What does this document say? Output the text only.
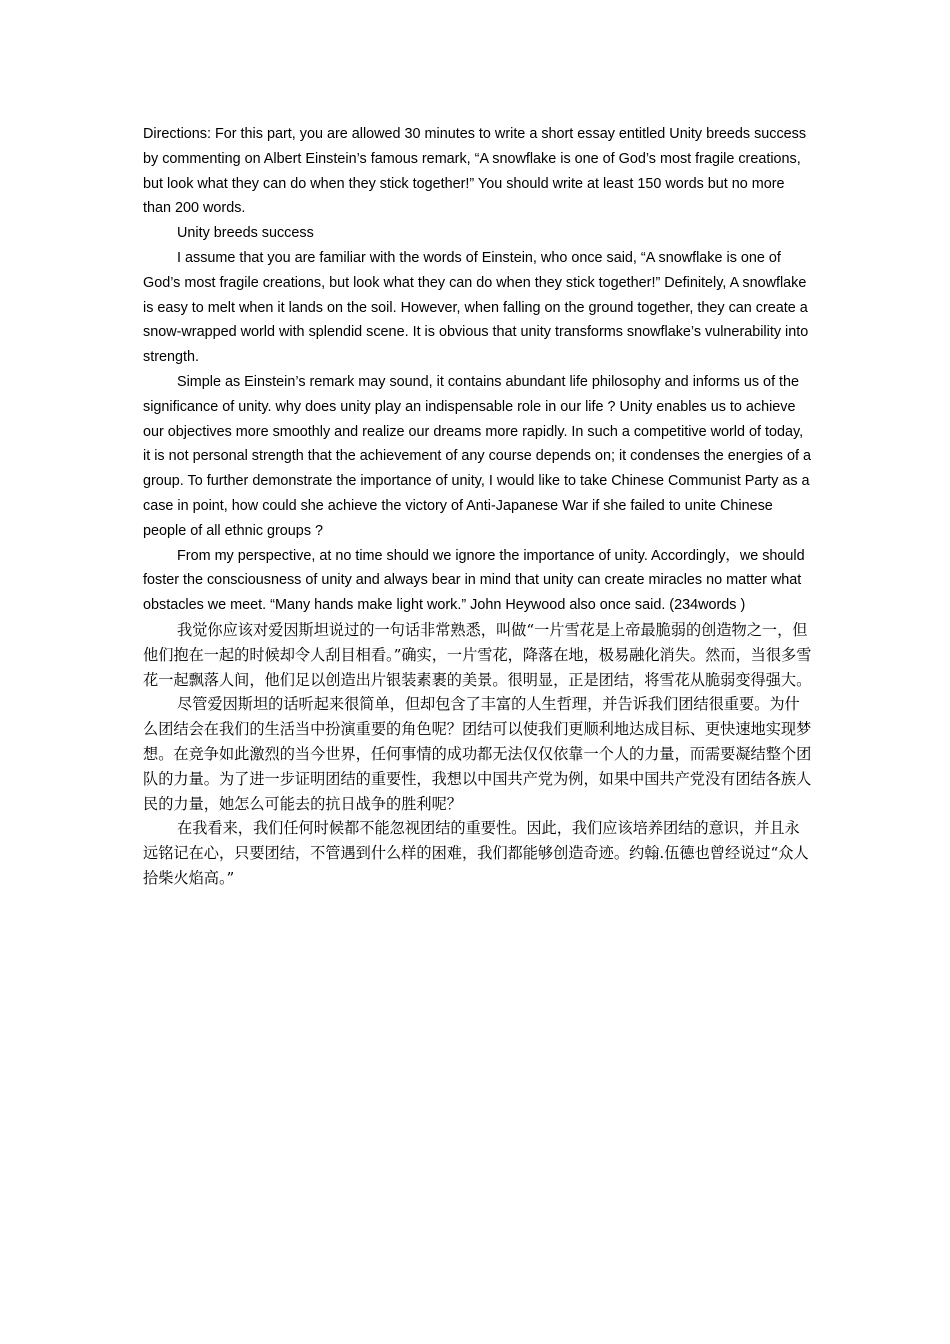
Directions: For this part, you are allowed 30 minutes to write a short essay entitled Unity breeds success by commenting on Albert Einstein’s famous remark, “A snowflake is one of God’s most fragile creations, but look what they can do when they stick together!” You should write at least 150 words but no more than 200 words.

Unity breeds success

I assume that you are familiar with the words of Einstein, who once said, “A snowflake is one of God’s most fragile creations, but look what they can do when they stick together!” Definitely, A snowflake is easy to melt when it lands on the soil. However, when falling on the ground together, they can create a snow-wrapped world with splendid scene. It is obvious that unity transforms snowflake’s vulnerability into strength.

Simple as Einstein’s remark may sound, it contains abundant life philosophy and informs us of the significance of unity. why does unity play an indispensable role in our life ? Unity enables us to achieve our objectives more smoothly and realize our dreams more rapidly. In such a competitive world of today, it is not personal strength that the achievement of any course depends on; it condenses the energies of a group. To further demonstrate the importance of unity, I would like to take Chinese Communist Party as a case in point, how could she achieve the victory of Anti-Japanese War if she failed to unite Chinese people of all ethnic groups ?

From my perspective, at no time should we ignore the importance of unity. Accordingly，we should foster the consciousness of unity and always bear in mind that unity can create miracles no matter what obstacles we meet. “Many hands make light work.” John Heywood also once said. (234words )

我觉你应该对爱因斯坦说过的一句话非常熟悉，叫做“一片雪花是上帝最脆弱的创造物之一，但他们抱在一起的时候却令人刮目相看。”确实，一片雪花，降落在地，极易融化消失。然而，当很多雪花一起飘落人间，他们足以创造出片银装素裹的美景。很明显，正是团结，将雪花从脆弱变得强大。

尽管爱因斯坦的话听起来很简单，但却包含了丰富的人生哲理，并告诉我们团结很重要。为什么团结会在我们的生活当中扮演重要的角色呢？团结可以使我们更顺利地达成目标、更快速地实现梦想。在竞争如此激烈的当今世界，任何事情的成功都无法仅仅依靠一个人的力量，而需要凝结整个团队的力量。为了进一步证明团结的重要性，我想以中国共产党为例，如果中国共产党没有团结各族人民的力量，她怎么可能去的抗日战争的胜利呢？

在我看来，我们任何时候都不能忽视团结的重要性。因此，我们应该培养团结的意识，并且永远铭记在心，只要团结，不管遇到什么样的困难，我们都能够创造奇迹。约翰.伍德也曾经说过“众人拾柴火焰高。”
